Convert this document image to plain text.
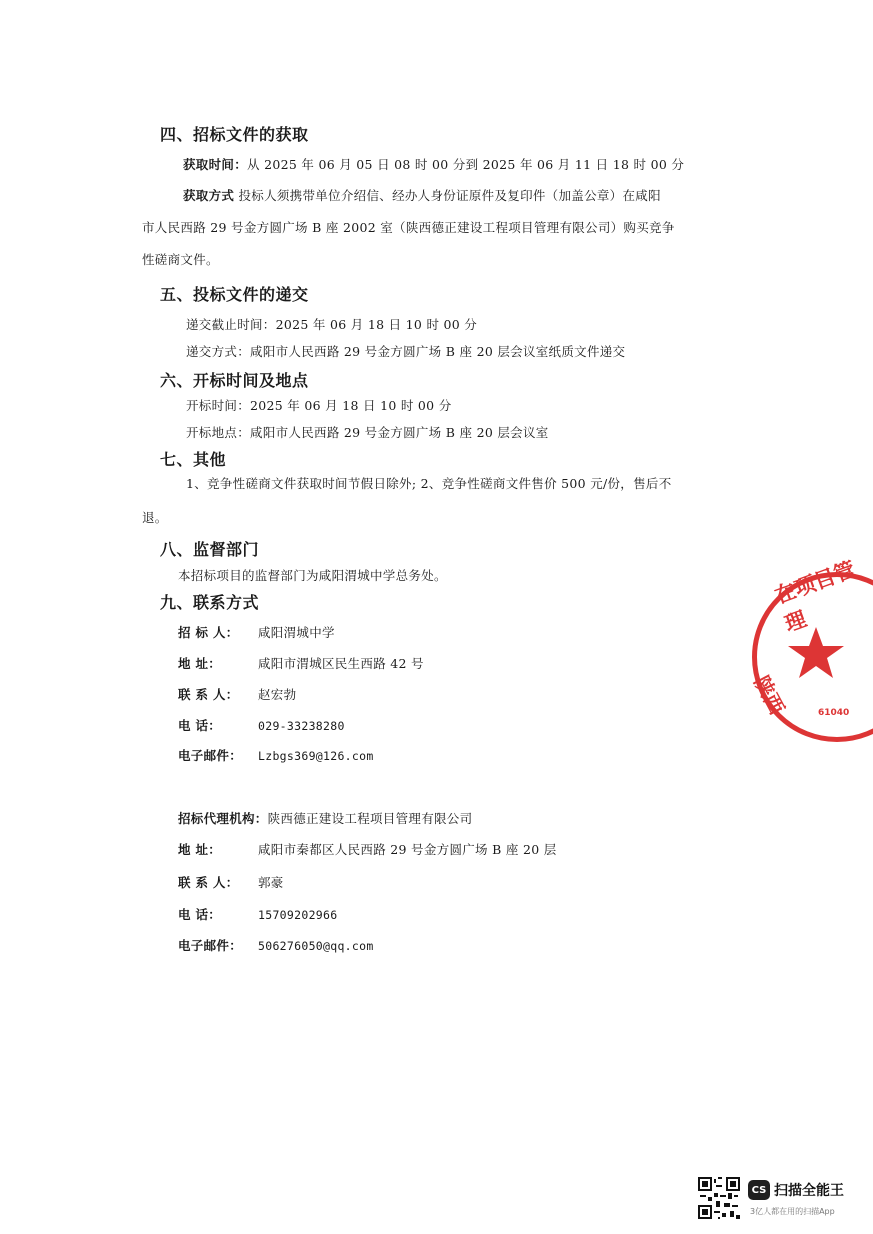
四、招标文件的获取
获取时间：从 2025 年 06 月 05 日 08 时 00 分到 2025 年 06 月 11 日 18 时 00 分
获取方式 投标人须携带单位介绍信、经办人身份证原件及复印件（加盖公章）在咸阳
市人民西路 29 号金方圆广场 B 座 2002 室（陕西德正建设工程项目管理有限公司）购买竞争
性磋商文件。
五、投标文件的递交
递交截止时间：2025 年 06 月 18 日 10 时 00 分
递交方式：咸阳市人民西路 29 号金方圆广场 B 座 20 层会议室纸质文件递交
六、开标时间及地点
开标时间：2025 年 06 月 18 日 10 时 00 分
开标地点：咸阳市人民西路 29 号金方圆广场 B 座 20 层会议室
七、其他
1、竞争性磋商文件获取时间节假日除外; 2、竞争性磋商文件售价 500 元/份，售后不
退。
八、监督部门
本招标项目的监督部门为咸阳渭城中学总务处。
九、联系方式
招 标 人： 咸阳渭城中学
地 址：	咸阳市渭城区民生西路 42 号
联 系 人： 赵宏勃
电 话：	029-33238280
电子邮件： Lzbgs369@126.com
招标代理机构：陕西德正建设工程项目管理有限公司
地 址：	咸阳市秦都区人民西路 29 号金方圆广场 B 座 20 层
联 系 人： 郭豪
电 话：	15709202966
电子邮件： 506276050@qq.com
在项目管理
陕西	61040
CS 扫描全能王
3亿人都在用的扫描App
